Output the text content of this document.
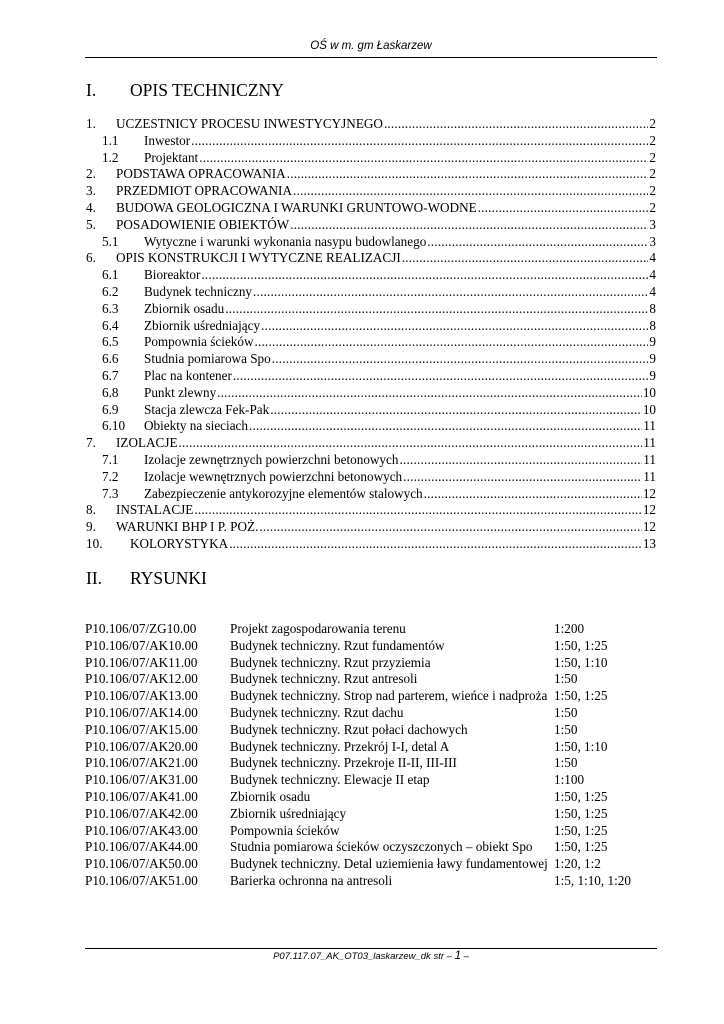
OŚ w m. gm Łaskarzew
I.	OPIS TECHNICZNY
1.	UCZESTNICY PROCESU INWESTYCYJNEGO .....	2
1.1	Inwestor .....	2
1.2	Projektant .....	2
2.	PODSTAWA OPRACOWANIA .....	2
3.	PRZEDMIOT OPRACOWANIA .....	2
4.	BUDOWA GEOLOGICZNA I WARUNKI GRUNTOWO-WODNE .....	2
5.	POSADOWIENIE OBIEKTÓW .....	3
5.1	Wytyczne i warunki wykonania nasypu budowlanego .....	3
6.	OPIS KONSTRUKCJI I WYTYCZNE REALIZACJI .....	4
6.1	Bioreaktor .....	4
6.2	Budynek techniczny .....	4
6.3	Zbiornik osadu .....	8
6.4	Zbiornik uśredniający .....	8
6.5	Pompownia ścieków .....	9
6.6	Studnia pomiarowa Spo .....	9
6.7	Plac na kontener .....	9
6.8	Punkt zlewny .....	10
6.9	Stacja zlewcza Fek-Pak .....	10
6.10	Obiekty na sieciach .....	11
7.	IZOLACJE .....	11
7.1	Izolacje zewnętrznych powierzchni betonowych .....	11
7.2	Izolacje wewnętrznych powierzchni betonowych .....	11
7.3	Zabezpieczenie antykorozyjne elementów stalowych .....	12
8.	INSTALACJE .....	12
9.	WARUNKI BHP I P. POŻ. .....	12
10.	KOLORYSTYKA .....	13
II.	RYSUNKI
P10.106/07/ZG10.00	Projekt zagospodarowania terenu	1:200
P10.106/07/AK10.00	Budynek techniczny. Rzut fundamentów	1:50, 1:25
P10.106/07/AK11.00	Budynek techniczny. Rzut przyziemia	1:50, 1:10
P10.106/07/AK12.00	Budynek techniczny. Rzut antresoli	1:50
P10.106/07/AK13.00	Budynek techniczny. Strop nad parterem, wieńce i nadproża 1:50, 1:25
P10.106/07/AK14.00	Budynek techniczny. Rzut dachu	1:50
P10.106/07/AK15.00	Budynek techniczny. Rzut połaci dachowych	1:50
P10.106/07/AK20.00	Budynek techniczny. Przekrój I-I, detal A	1:50, 1:10
P10.106/07/AK21.00	Budynek techniczny. Przekroje II-II, III-III	1:50
P10.106/07/AK31.00	Budynek techniczny. Elewacje II etap	1:100
P10.106/07/AK41.00	Zbiornik osadu	1:50, 1:25
P10.106/07/AK42.00	Zbiornik uśredniający	1:50, 1:25
P10.106/07/AK43.00	Pompownia ścieków	1:50, 1:25
P10.106/07/AK44.00	Studnia pomiarowa ścieków oczyszczonych – obiekt Spo	1:50, 1:25
P10.106/07/AK50.00	Budynek techniczny. Detal uziemienia ławy fundamentowej 1:20, 1:2
P10.106/07/AK51.00	Barierka ochronna na antresoli	1:5, 1:10, 1:20
P07.117.07_AK_OT03_laskarzew_dk str – 1 –
